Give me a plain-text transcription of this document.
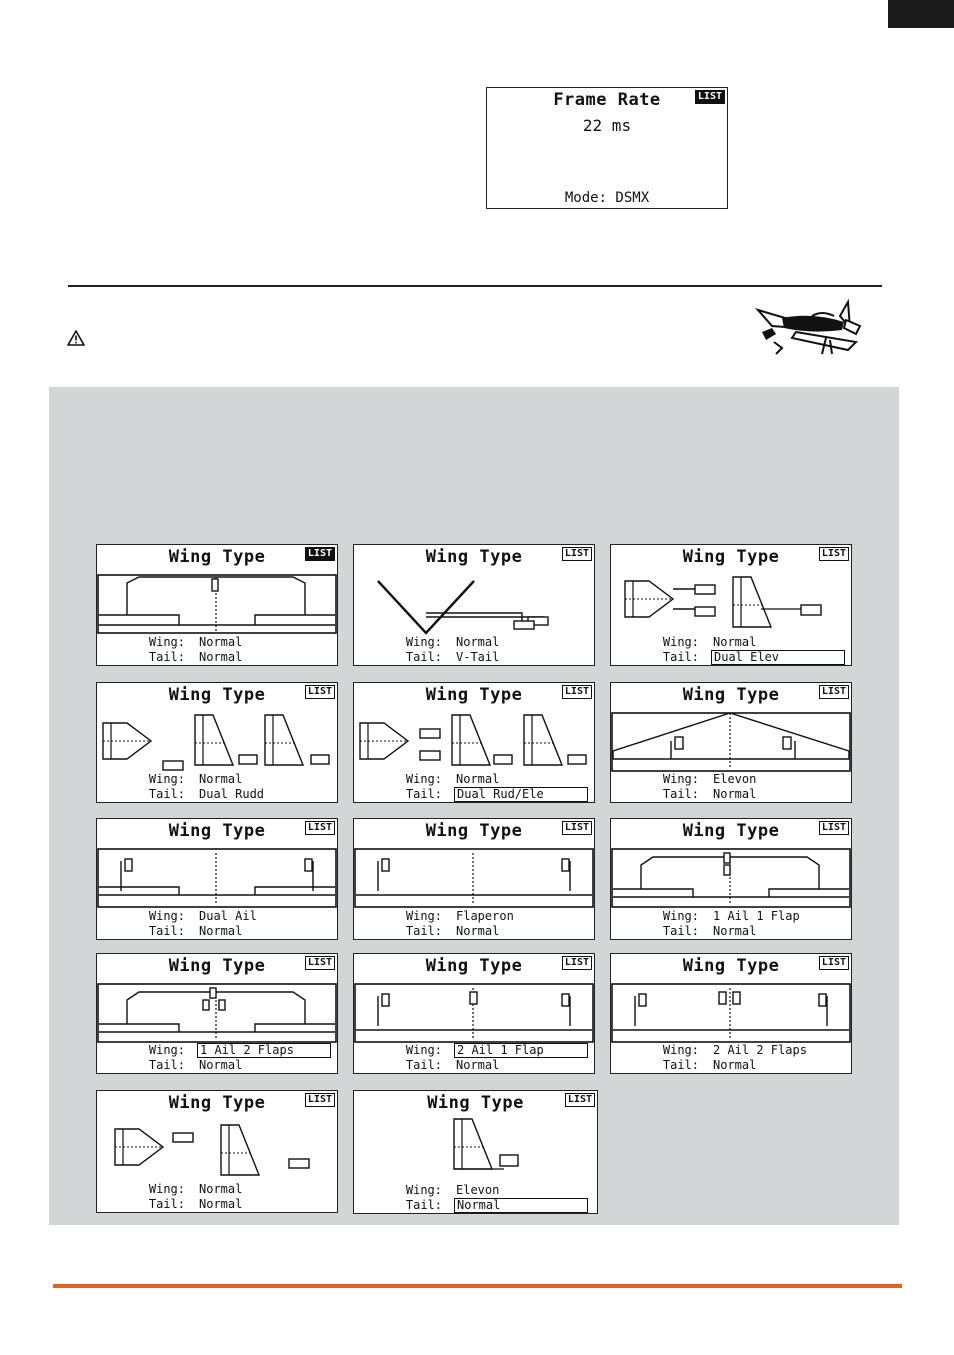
Frame Rate	LIST
22 ms
Mode: DSMX
Wing Type	LIST
Wing: Normal
Tail: Normal
Wing Type	LIST
Wing: Normal
Tail: V-Tail
Wing Type	LIST
Wing: Normal
Tail: Dual Elev
Wing Type	LIST
Wing: Normal
Tail: Dual Rudd
Wing Type	LIST
Wing: Normal
Tail: Dual Rud/Ele
Wing Type	LIST
Wing: Elevon
Tail: Normal
Wing Type	LIST
Wing: Dual Ail
Tail: Normal
Wing Type	LIST
Wing: Flaperon
Tail: Normal
Wing Type	LIST
Wing: 1 Ail 1 Flap
Tail: Normal
Wing Type	LIST
Wing: 1 Ail 2 Flaps
Tail: Normal
Wing Type	LIST
Wing: 2 Ail 1 Flap
Tail: Normal
Wing Type	LIST
Wing: 2 Ail 2 Flaps
Tail: Normal
Wing Type	LIST
Wing: Normal
Tail: Normal
Wing Type	LIST
Wing: Elevon
Tail: Normal
